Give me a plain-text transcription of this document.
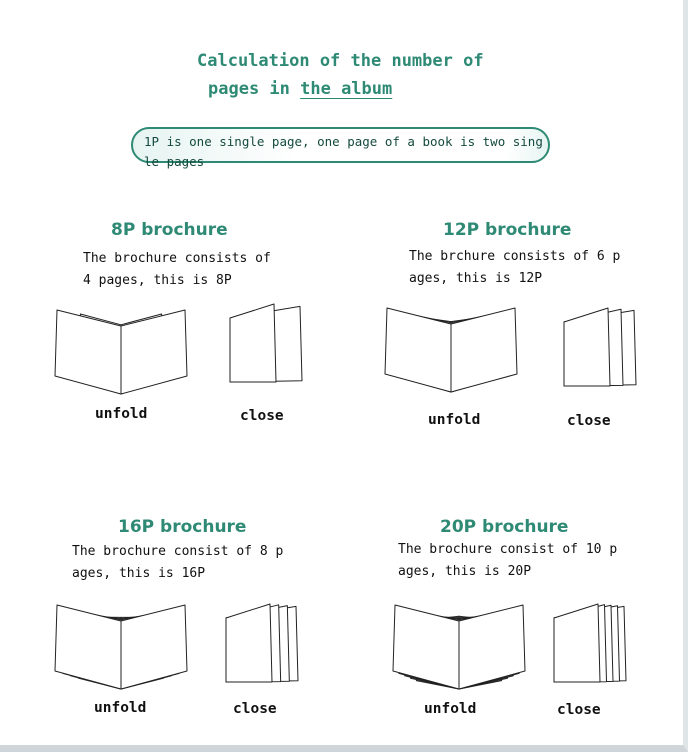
Calculation of the number of
pages in the album
1P is one single page, one page of a book is two single pages
8P brochure
The brochure consists of 4 pages, this is 8P
unfold	close
12P brochure
The brchure consists of 6 pages, this is 12P
unfold	close
16P brochure
The brochure consist of 8 pages, this is 16P
unfold	close
20P brochure
The brochure consist of 10 pages, this is 20P
unfold	close
